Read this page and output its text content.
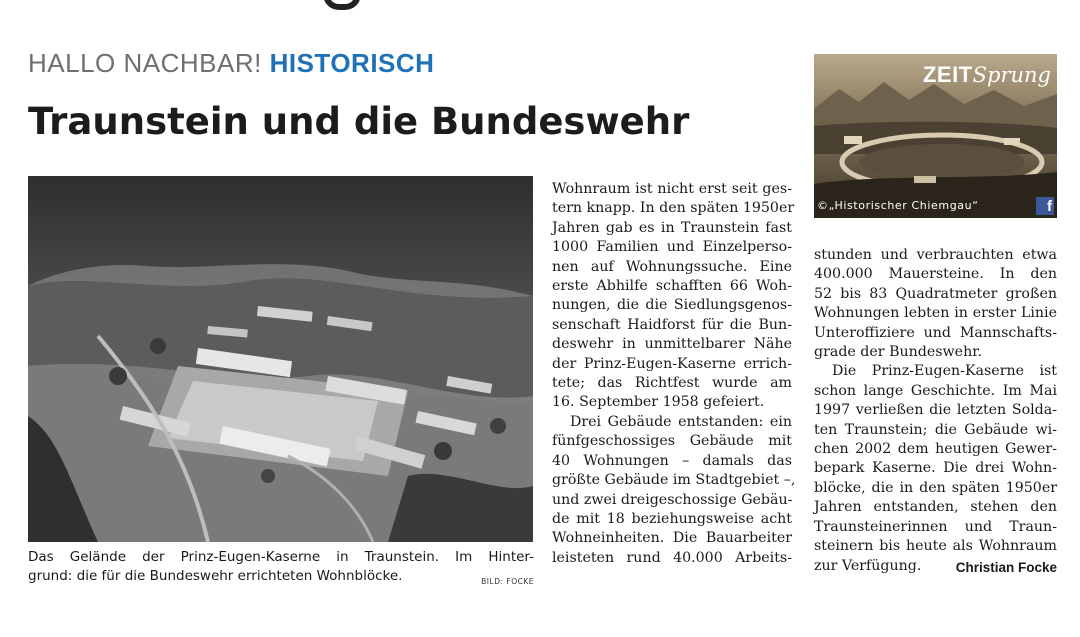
HALLO NACHBAR! HISTORISCH
Traunstein und die Bundeswehr

Das Gelände der Prinz-Eugen-Kaserne in Traunstein. Im Hinter-

grund: die für die Bundeswehr errichteten Wohnblöcke.	BILD: FOCKE

Wohnraum ist nicht erst seit ges-
tern knapp. In den späten 1950er
Jahren gab es in Traunstein fast
1000 Familien und Einzelperso-
nen auf Wohnungssuche. Eine
erste Abhilfe schafften 66 Woh-
nungen, die die Siedlungsgenos-
senschaft Haidforst für die Bun-
deswehr in unmittelbarer Nähe
der Prinz-Eugen-Kaserne errich-
tete; das Richtfest wurde am
16. September 1958 gefeiert.
Drei Gebäude entstanden: ein
fünfgeschossiges Gebäude mit
40 Wohnungen – damals das
größte Gebäude im Stadtgebiet –,
und zwei dreigeschossige Gebäu-
de mit 18 beziehungsweise acht
Wohneinheiten. Die Bauarbeiter
leisteten rund 40.000 Arbeits-
ZEITSprung
©„Historischer Chiemgau“	f
stunden und verbrauchten etwa
400.000 Mauersteine. In den
52 bis 83 Quadratmeter großen
Wohnungen lebten in erster Linie
Unteroffiziere und Mannschafts-
grade der Bundeswehr.
Die Prinz-Eugen-Kaserne ist
schon lange Geschichte. Im Mai
1997 verließen die letzten Solda-
ten Traunstein; die Gebäude wi-
chen 2002 dem heutigen Gewer-
bepark Kaserne. Die drei Wohn-
blöcke, die in den späten 1950er
Jahren entstanden, stehen den
Traunsteinerinnen und Traun-
steinern bis heute als Wohnraum
zur Verfügung.	Christian Focke
